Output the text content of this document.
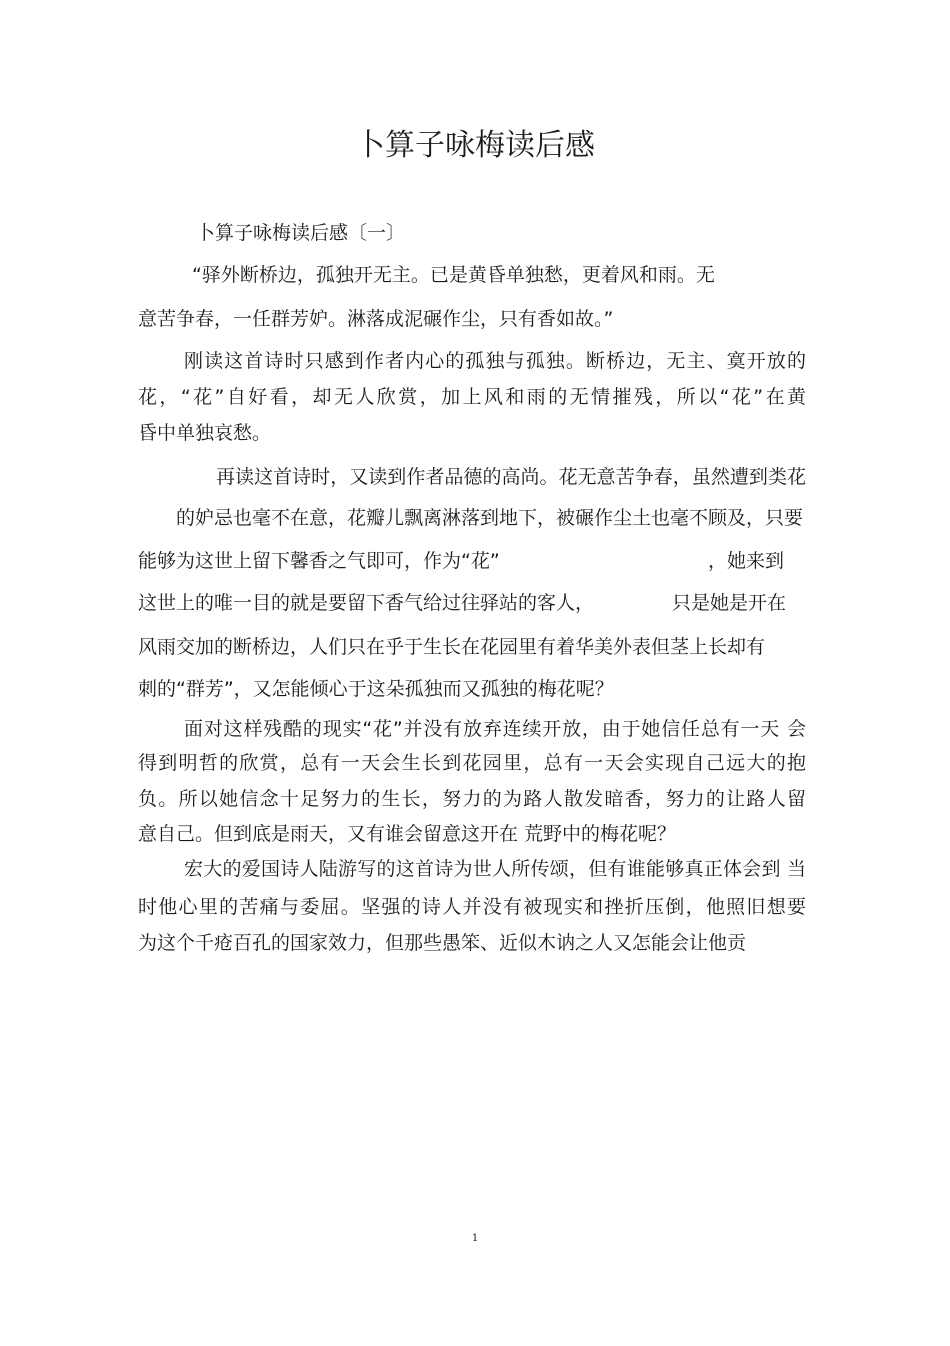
卜算子咏梅读后感

卜算子咏梅读后感〔一〕

“驿外断桥边，孤独开无主。已是黄昏单独愁，更着风和雨。无

意苦争春，一任群芳妒。淋落成泥碾作尘，只有香如故。”

刚读这首诗时只感到作者内心的孤独与孤独。断桥边，无主、寞开放的

花，“花”自好看，却无人欣赏，加上风和雨的无情摧残，所以“花”在黄

昏中单独哀愁。

再读这首诗时，又读到作者品德的高尚。花无意苦争春，虽然遭到类花

的妒忌也毫不在意，花瓣儿飘离淋落到地下，被碾作尘土也毫不顾及，只要

能够为这世上留下馨香之气即可，作为“花”	，她来到

这世上的唯一目的就是要留下香气给过往驿站的客人，	只是她是开在

风雨交加的断桥边，人们只在乎于生长在花园里有着华美外表但茎上长却有

刺的“群芳”，又怎能倾心于这朵孤独而又孤独的梅花呢？

面对这样残酷的现实“花”并没有放弃连续开放，由于她信任总有一天 会

得到明哲的欣赏，总有一天会生长到花园里，总有一天会实现自己远大的抱

负。所以她信念十足努力的生长，努力的为路人散发暗香，努力的让路人留

意自己。但到底是雨天，又有谁会留意这开在 荒野中的梅花呢？

宏大的爱国诗人陆游写的这首诗为世人所传颂，但有谁能够真正体会到 当

时他心里的苦痛与委屈。坚强的诗人并没有被现实和挫折压倒，他照旧想要

为这个千疮百孔的国家效力，但那些愚笨、近似木讷之人又怎能会让他贡

1
